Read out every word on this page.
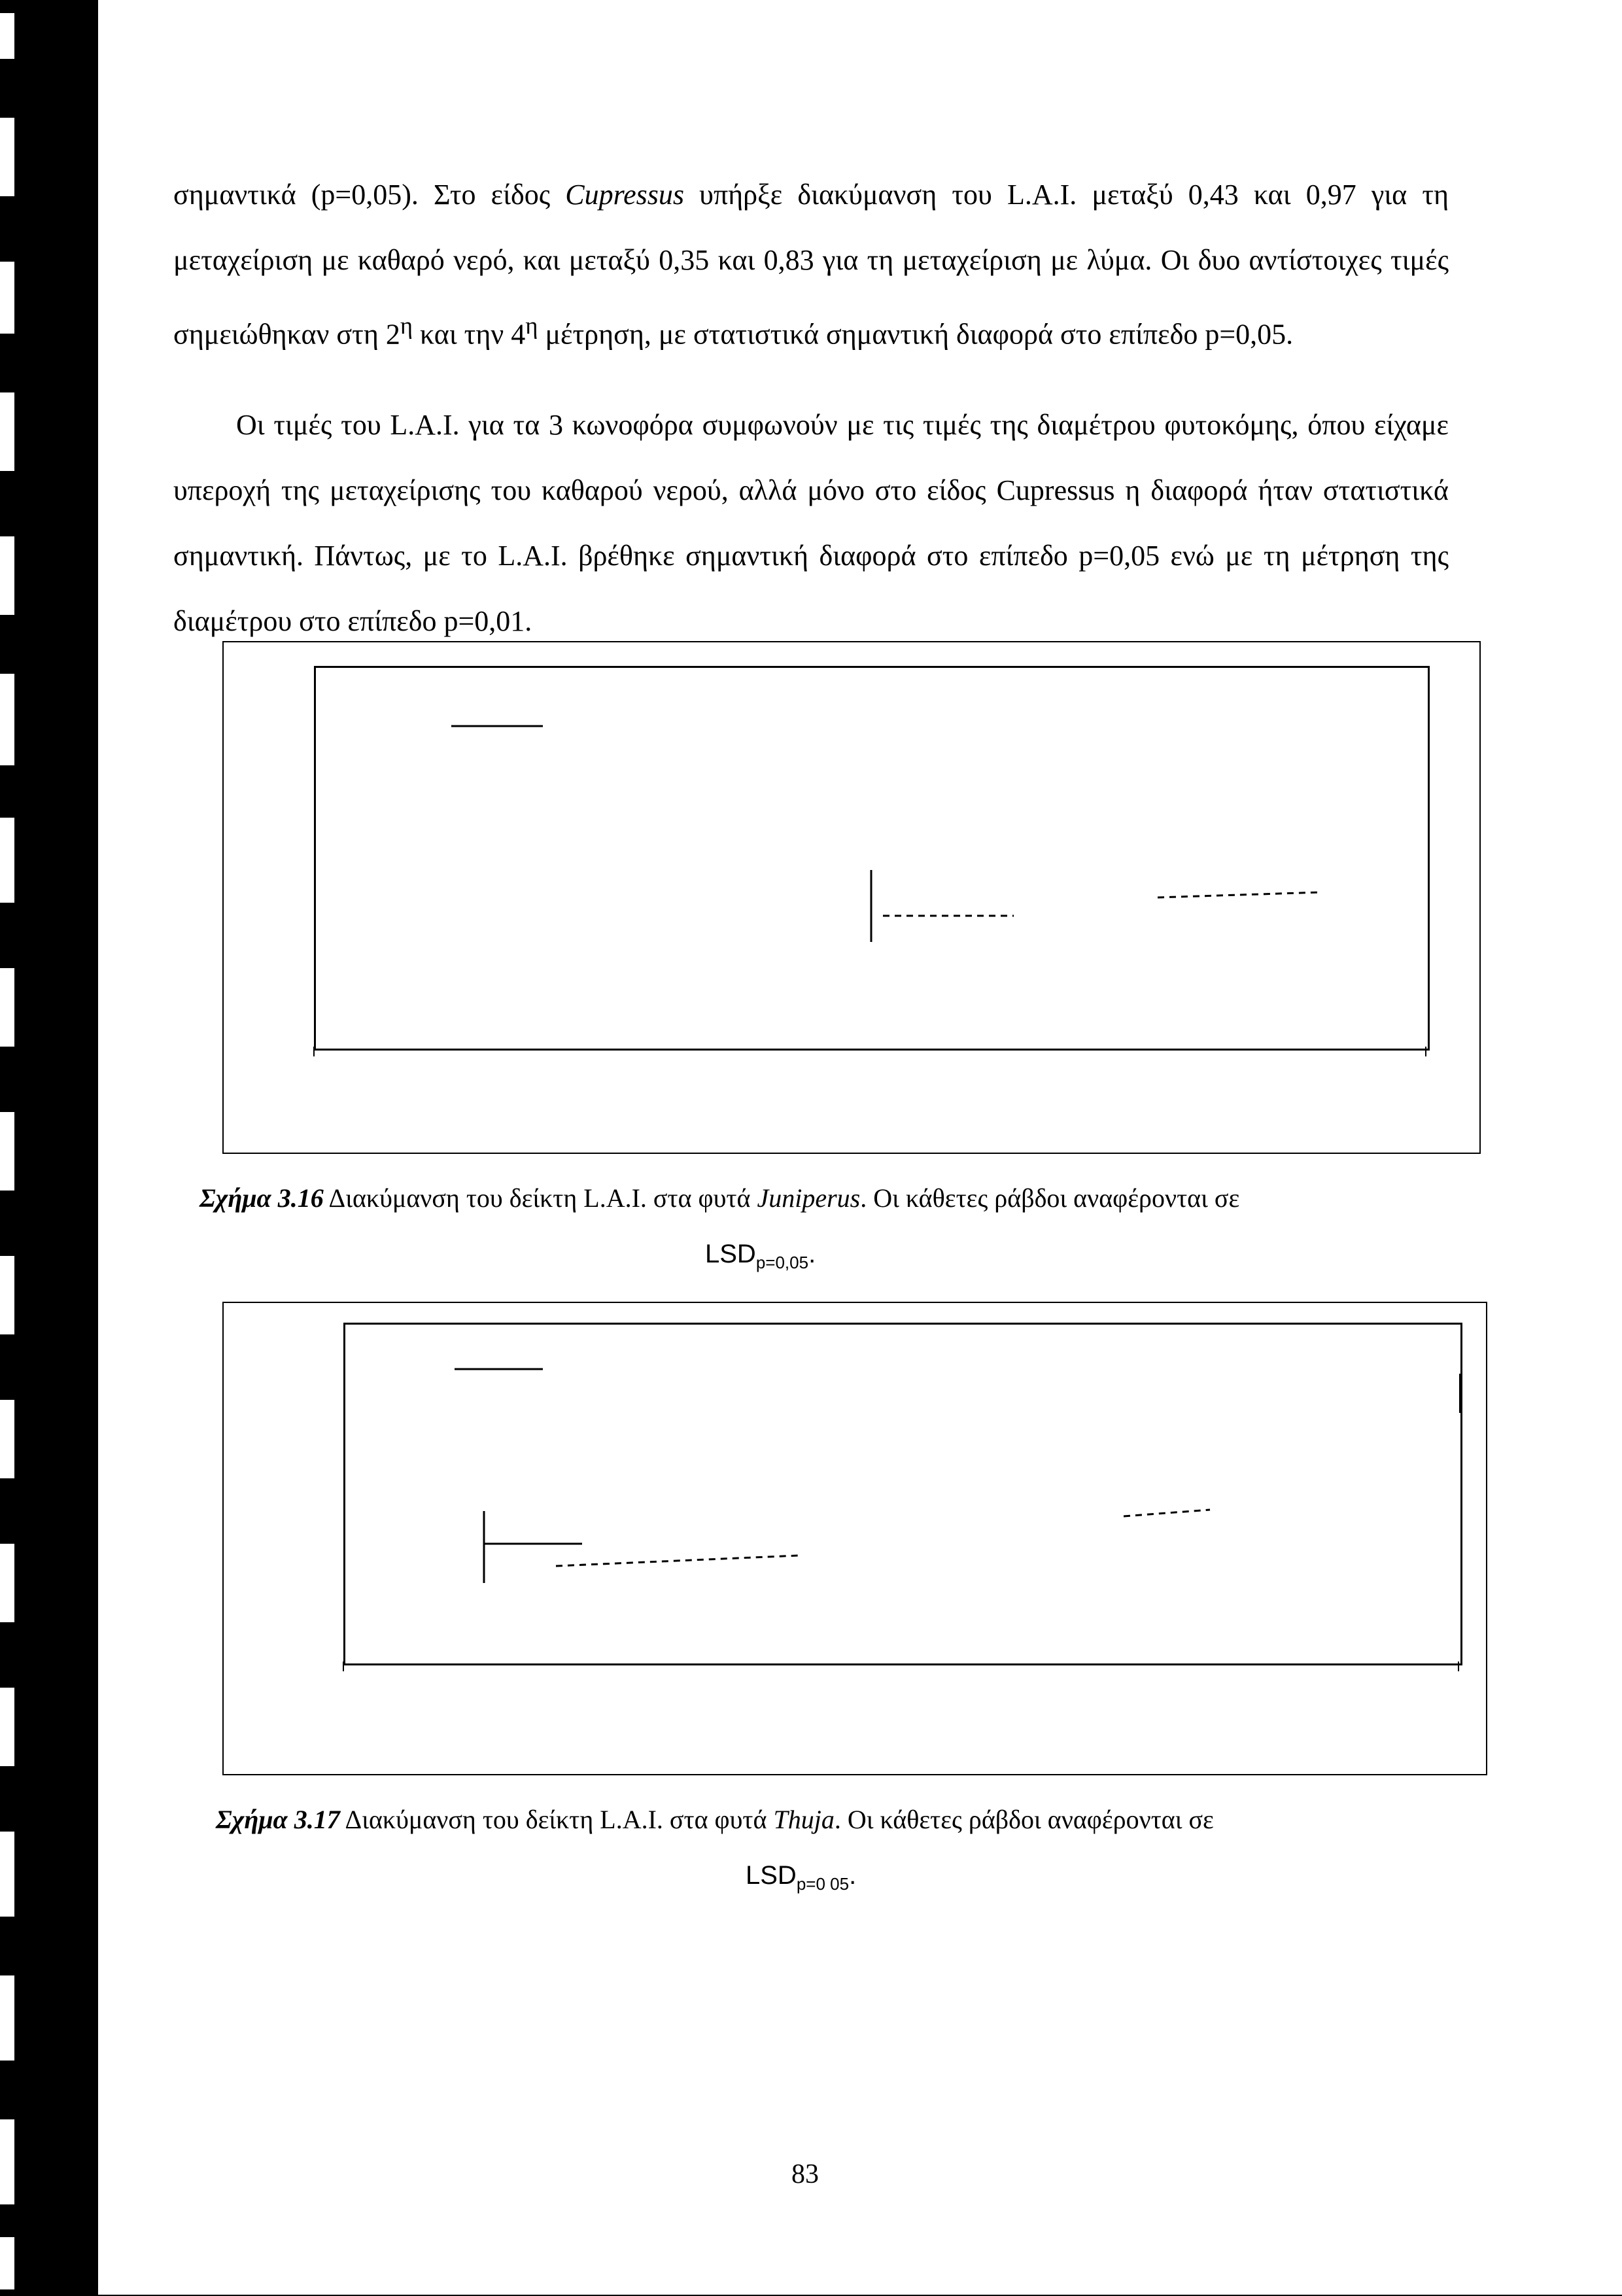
σημαντικά (p=0,05). Στο είδος Cupressus υπήρξε διακύμανση του L.A.I. μεταξύ 0,43 και 0,97 για τη μεταχείριση με καθαρό νερό, και μεταξύ 0,35 και 0,83 για τη μεταχείριση με λύμα. Οι δυο αντίστοιχες τιμές σημειώθηκαν στη $2^\eta$ και την $4^\eta$ μέτρηση, με στατιστικά σημαντική διαφορά στο επίπεδο p=0,05.

Οι τιμές του L.A.I. για τα 3 κωνοφόρα συμφωνούν με τις τιμές της διαμέτρου φυτοκόμης, όπου είχαμε υπεροχή της μεταχείρισης του καθαρού νερού, αλλά μόνο στο είδος Cupressus η διαφορά ήταν στατιστικά σημαντική. Πάντως, με το L.A.I. βρέθηκε σημαντική διαφορά στο επίπεδο p=0,05 ενώ με τη μέτρηση της διαμέτρου στο επίπεδο p=0,01.

Σχήμα 3.16 Διακύμανση του δείκτη L.A.I. στα φυτά Juniperus. Οι κάθετες ράβδοι αναφέρονται σε
$LSD_{p=0,05}$.
Σχήμα 3.17 Διακύμανση του δείκτη L.A.I. στα φυτά Thuja. Οι κάθετες ράβδοι αναφέρονται σε
$LSD_{p=0 05}$.
83
